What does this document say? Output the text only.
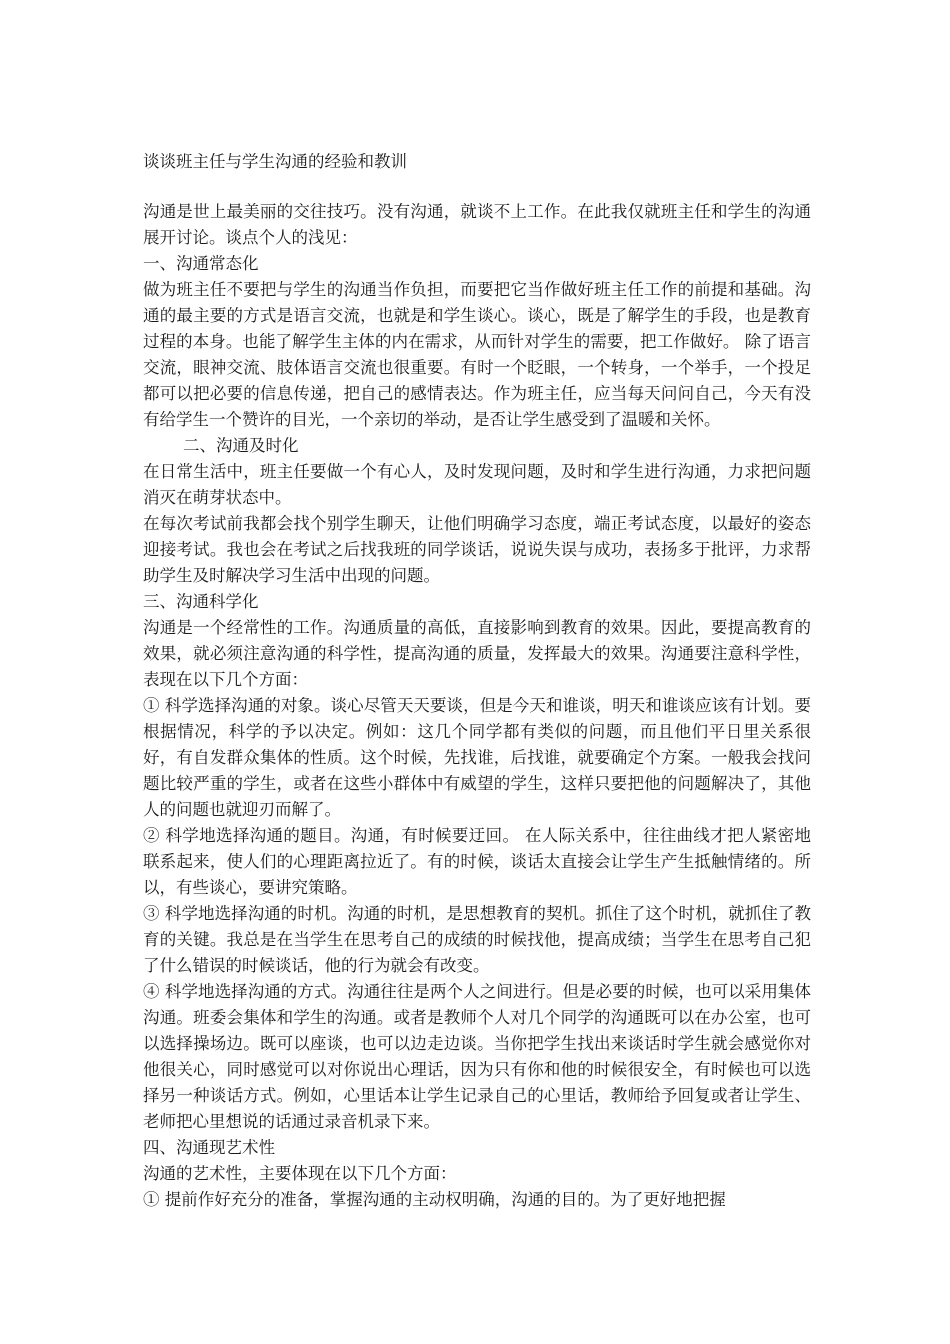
谈谈班主任与学生沟通的经验和教训

沟通是世上最美丽的交往技巧。没有沟通，就谈不上工作。在此我仅就班主任和学生的沟通展开讨论。谈点个人的浅见：

一、沟通常态化

做为班主任不要把与学生的沟通当作负担，而要把它当作做好班主任工作的前提和基础。沟通的最主要的方式是语言交流，也就是和学生谈心。谈心，既是了解学生的手段，也是教育过程的本身。也能了解学生主体的内在需求，从而针对学生的需要，把工作做好。 除了语言交流，眼神交流、肢体语言交流也很重要。有时一个眨眼，一个转身，一个举手，一个投足都可以把必要的信息传递，把自己的感情表达。作为班主任，应当每天问问自己，今天有没有给学生一个赞许的目光，一个亲切的举动，是否让学生感受到了温暖和关怀。

二、沟通及时化

在日常生活中，班主任要做一个有心人，及时发现问题，及时和学生进行沟通，力求把问题消灭在萌芽状态中。

在每次考试前我都会找个别学生聊天，让他们明确学习态度，端正考试态度，以最好的姿态迎接考试。我也会在考试之后找我班的同学谈话，说说失误与成功，表扬多于批评，力求帮助学生及时解决学习生活中出现的问题。

三、沟通科学化

沟通是一个经常性的工作。沟通质量的高低，直接影响到教育的效果。因此，要提高教育的效果，就必须注意沟通的科学性，提高沟通的质量，发挥最大的效果。沟通要注意科学性，表现在以下几个方面：

① 科学选择沟通的对象。谈心尽管天天要谈，但是今天和谁谈，明天和谁谈应该有计划。要根据情况，科学的予以决定。例如：这几个同学都有类似的问题，而且他们平日里关系很好，有自发群众集体的性质。这个时候，先找谁，后找谁，就要确定个方案。一般我会找问题比较严重的学生，或者在这些小群体中有威望的学生，这样只要把他的问题解决了，其他人的问题也就迎刃而解了。

② 科学地选择沟通的题目。沟通，有时候要迂回。 在人际关系中，往往曲线才把人紧密地联系起来，使人们的心理距离拉近了。有的时候，谈话太直接会让学生产生抵触情绪的。所以，有些谈心，要讲究策略。

③ 科学地选择沟通的时机。沟通的时机，是思想教育的契机。抓住了这个时机，就抓住了教育的关键。我总是在当学生在思考自己的成绩的时候找他，提高成绩；当学生在思考自己犯了什么错误的时候谈话，他的行为就会有改变。

④ 科学地选择沟通的方式。沟通往往是两个人之间进行。但是必要的时候，也可以采用集体沟通。班委会集体和学生的沟通。或者是教师个人对几个同学的沟通既可以在办公室，也可以选择操场边。既可以座谈，也可以边走边谈。当你把学生找出来谈话时学生就会感觉你对他很关心，同时感觉可以对你说出心理话，因为只有你和他的时候很安全，有时候也可以选择另一种谈话方式。例如，心里话本让学生记录自己的心里话，教师给予回复或者让学生、老师把心里想说的话通过录音机录下来。

四、沟通现艺术性

沟通的艺术性，主要体现在以下几个方面：

① 提前作好充分的准备，掌握沟通的主动权明确，沟通的目的。为了更好地把握
